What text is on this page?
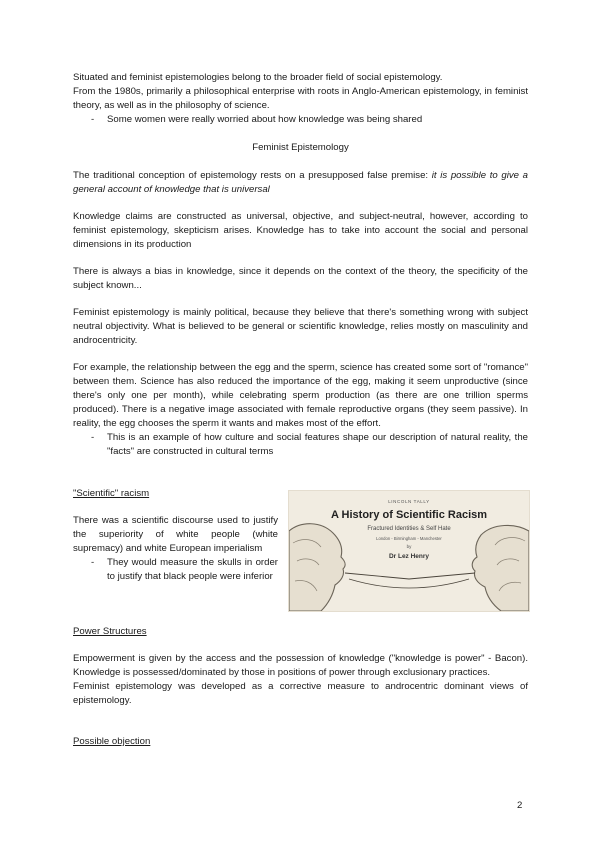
Situated and feminist epistemologies belong to the broader field of social epistemology.

From the 1980s, primarily a philosophical enterprise with roots in Anglo-American epistemology, in feminist theory, as well as in the philosophy of science.

- Some women were really worried about how knowledge was being shared

Feminist Epistemology
The traditional conception of epistemology rests on a presupposed false premise: it is possible to give a general account of knowledge that is universal
Knowledge claims are constructed as universal, objective, and subject-neutral, however, according to feminist epistemology, skepticism arises. Knowledge has to take into account the social and personal dimensions in its production
There is always a bias in knowledge, since it depends on the context of the theory, the specificity of the subject known...
Feminist epistemology is mainly political, because they believe that there's something wrong with subject neutral objectivity. What is believed to be general or scientific knowledge, relies mostly on masculinity and androcentricity.

For example, the relationship between the egg and the sperm, science has created some sort of "romance" between them. Science has also reduced the importance of the egg, making it seem unproductive (since there's only one per month), while celebrating sperm production (as there are one trillion sperms produced). There is a negative image associated with female reproductive organs (they seem passive). In reality, the egg chooses the sperm it wants and makes most of the effort.

- This is an example of how culture and social features shape our description of natural reality, the "facts" are constructed in cultural terms

"Scientific" racism

There was a scientific discourse used to justify the superiority of white people (white supremacy) and white European imperialism

- They would measure the skulls in order to justify that black people were inferior

LINCOLN TALLY
A History of Scientific Racism
Fractured Identities & Self Hate
London - Birmingham - Manchester
by
Dr Lez Henry
Power Structures

Empowerment is given by the access and the possession of knowledge ("knowledge is power" - Bacon). Knowledge is possessed/dominated by those in positions of power through exclusionary practices.

Feminist epistemology was developed as a corrective measure to androcentric dominant views of epistemology.

Possible objection
2
